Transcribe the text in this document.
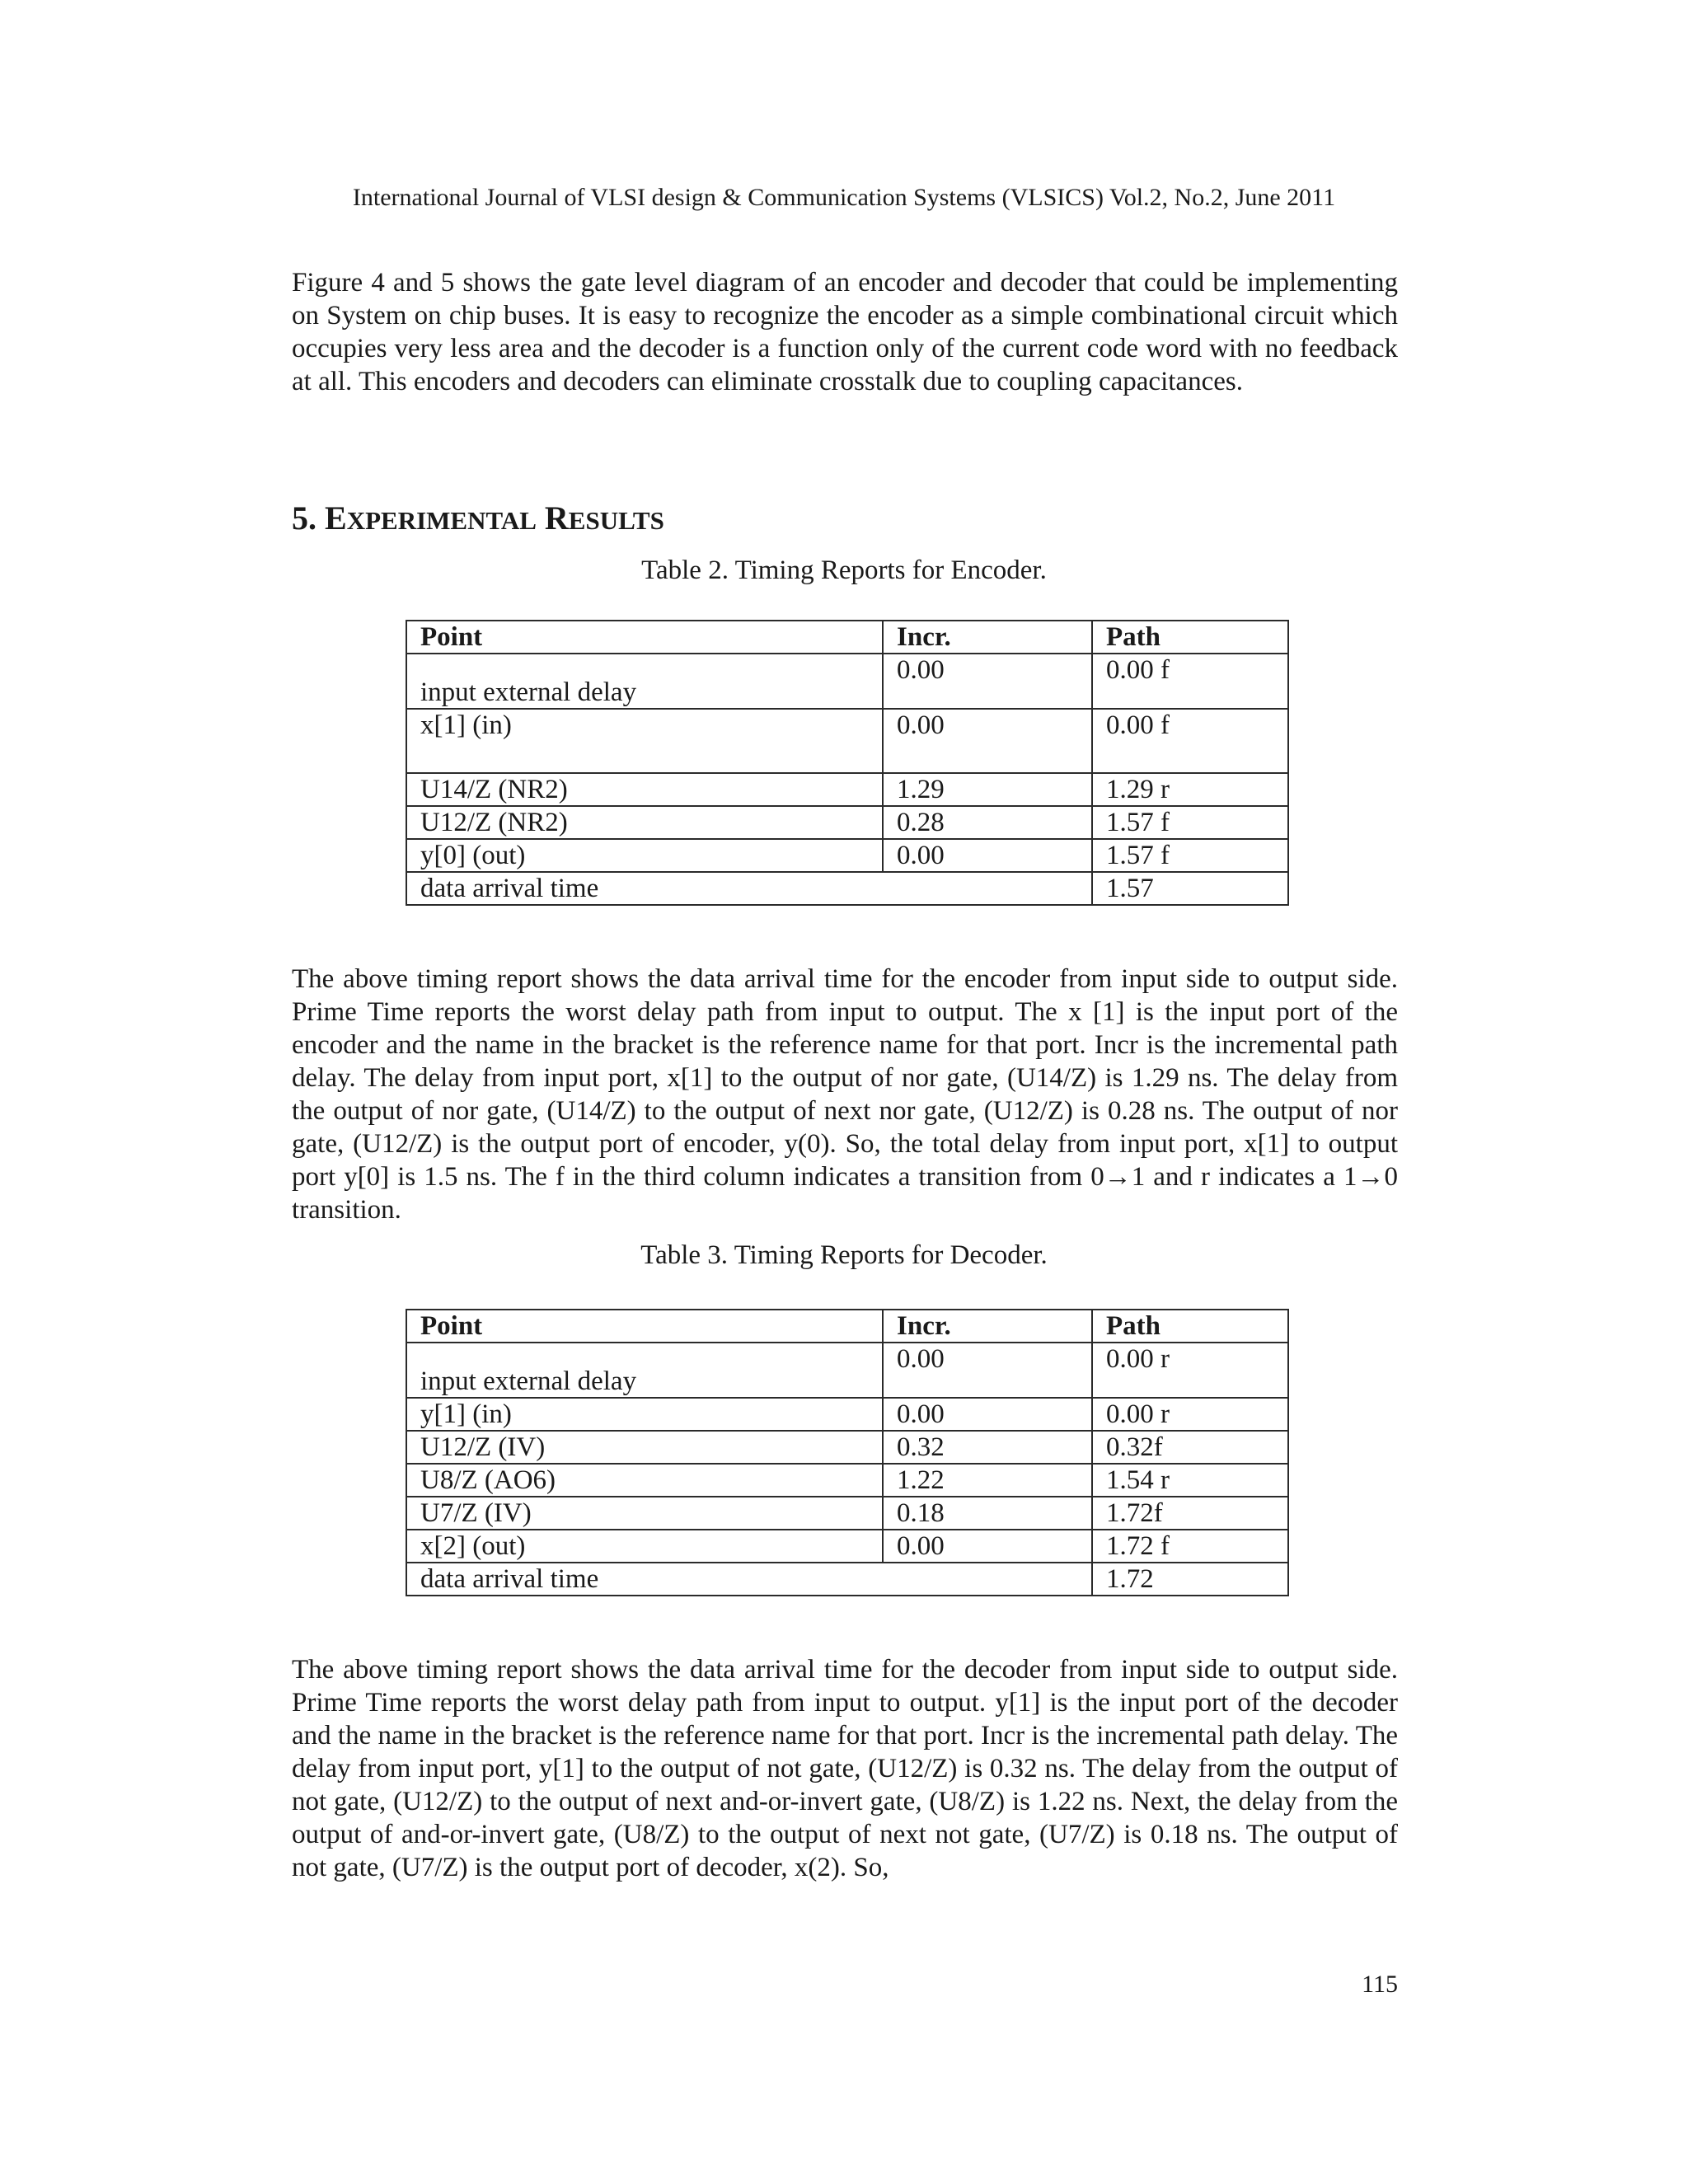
International Journal of VLSI design & Communication Systems (VLSICS) Vol.2, No.2, June 2011

Figure 4 and 5 shows the gate level diagram of an encoder and decoder that could be implementing on System on chip buses. It is easy to recognize the encoder as a simple combinational circuit which occupies very less area and the decoder is a function only of the current code word with no feedback at all. This encoders and decoders can eliminate crosstalk due to coupling capacitances.

5. EXPERIMENTAL RESULTS

Table 2. Timing Reports for Encoder.

Point	Incr.	Path
input external delay	0.00	0.00 f
x[1] (in)	0.00	0.00 f
U14/Z (NR2)	1.29	1.29 r
U12/Z (NR2)	0.28	1.57 f
y[0] (out)	0.00	1.57 f
data arrival time		1.57

The above timing report shows the data arrival time for the encoder from input side to output side. Prime Time reports the worst delay path from input to output. The x [1] is the input port of the encoder and the name in the bracket is the reference name for that port. Incr is the incremental path delay. The delay from input port, x[1] to the output of nor gate, (U14/Z) is 1.29 ns. The delay from the output of nor gate, (U14/Z) to the output of next nor gate, (U12/Z) is 0.28 ns. The output of nor gate, (U12/Z) is the output port of encoder, y(0). So, the total delay from input port, x[1] to output port y[0] is 1.5 ns. The f in the third column indicates a transition from 0→1 and r indicates a 1→0 transition.

Table 3. Timing Reports for Decoder.

Point	Incr.	Path
input external delay	0.00	0.00 r
y[1] (in)	0.00	0.00 r
U12/Z (IV)	0.32	0.32f
U8/Z (AO6)	1.22	1.54 r
U7/Z (IV)	0.18	1.72f
x[2] (out)	0.00	1.72 f
data arrival time		1.72

The above timing report shows the data arrival time for the decoder from input side to output side. Prime Time reports the worst delay path from input to output. y[1] is the input port of the decoder and the name in the bracket is the reference name for that port. Incr is the incremental path delay. The delay from input port, y[1] to the output of not gate, (U12/Z) is 0.32 ns. The delay from the output of not gate, (U12/Z) to the output of next and-or-invert gate, (U8/Z) is 1.22 ns. Next, the delay from the output of and-or-invert gate, (U8/Z) to the output of next not gate, (U7/Z) is 0.18 ns. The output of not gate, (U7/Z) is the output port of decoder, x(2). So,

115
